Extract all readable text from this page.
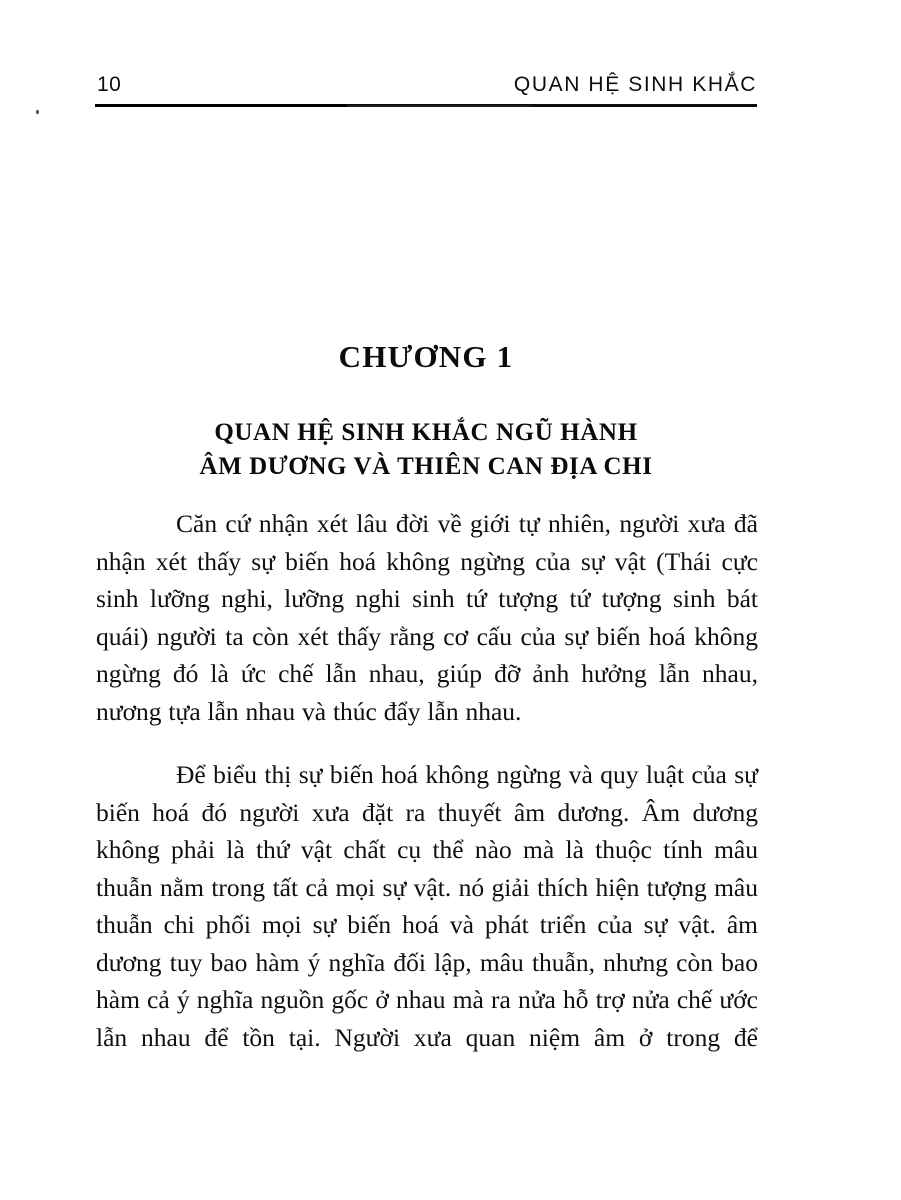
10	QUAN HỆ SINH KHẮC
CHƯƠNG 1
QUAN HỆ SINH KHẮC NGŨ HÀNH
ÂM DƯƠNG VÀ THIÊN CAN ĐỊA CHI

Căn cứ nhận xét lâu đời về giới tự nhiên, người xưa đã nhận xét thấy sự biến hoá không ngừng của sự vật (Thái cực sinh lưỡng nghi, lưỡng nghi sinh tứ tượng tứ tượng sinh bát quái) người ta còn xét thấy rằng cơ cấu của sự biến hoá không ngừng đó là ức chế lẫn nhau, giúp đỡ ảnh hưởng lẫn nhau, nương tựa lẫn nhau và thúc đẩy lẫn nhau.

Để biểu thị sự biến hoá không ngừng và quy luật của sự biến hoá đó người xưa đặt ra thuyết âm dương. Âm dương không phải là thứ vật chất cụ thể nào mà là thuộc tính mâu thuẫn nằm trong tất cả mọi sự vật. nó giải thích hiện tượng mâu thuẫn chi phối mọi sự biến hoá và phát triển của sự vật. âm dương tuy bao hàm ý nghĩa đối lập, mâu thuẫn, nhưng còn bao hàm cả ý nghĩa nguồn gốc ở nhau mà ra nửa hỗ trợ nửa chế ước lẫn nhau để tồn tại. Người xưa quan niệm âm ở trong để
